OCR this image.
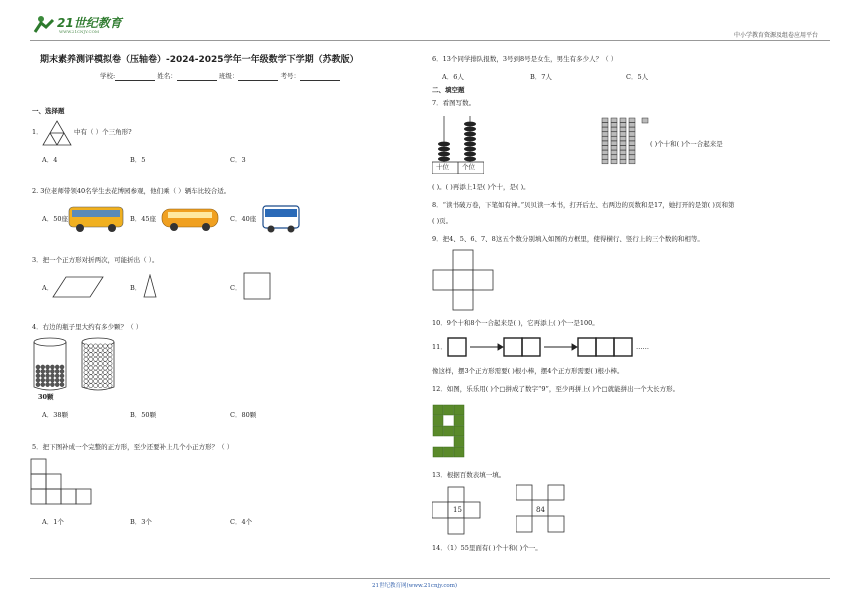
21世纪教育
WWW.21CNJY.COM
中小学教育资源及组卷应用平台
期末素养测评模拟卷（压轴卷）-2024-2025学年一年级数学下学期（苏教版）
学校:	姓名：	班级：	考号：
一、选择题
1．	中有（ ）个三角形?
A．4	B．5	C．3
2. 3位老师带领40名学生去花博园参观，他们乘（ ）辆车比较合适。
A．50座	B．45座	C．40座
3．把一个正方形对折两次，可能折出（ ）。
A．	B．	C．
4．右边的瓶子里大约有多少颗？（ ）
30颗
A．38颗	B．50颗	C．80颗
5．把下图补成一个完整的正方形，至少还要补上几个小正方形？（ ）
A．1个	B．3个	C．4个
6．13个同学排队报数，3号到8号是女生，男生有多少人？（ ）
A．6人	B．7人	C．5人
二、填空题
7．看图写数。
十位 个位
( )个十和( )个一合起来是
( )。( )再添上1是( )个十，是( )。
8．“读书破万卷，下笔如有神。”贝贝读一本书，打开后左、右两边的页数和是17，她打开的是第( )页和第
( )页。
9．把4、5、6、7、8这五个数分别填入如图的方框里，使得横行、竖行上的三个数的和相等。
10．9个十和8个一合起来是( )，它再添上( )个一是100。
11．	……
像这样，摆3个正方形需要( )根小棒，摆4个正方形需要( )根小棒。
12．如图，乐乐用( )个□拼成了数字“9”，至少再拼上( )个□就能拼出一个大长方形。
13．根据百数表填一填。
15	84
14．（1）55里面有( )个十和( )个一。
21世纪教育网(www.21cnjy.com)
